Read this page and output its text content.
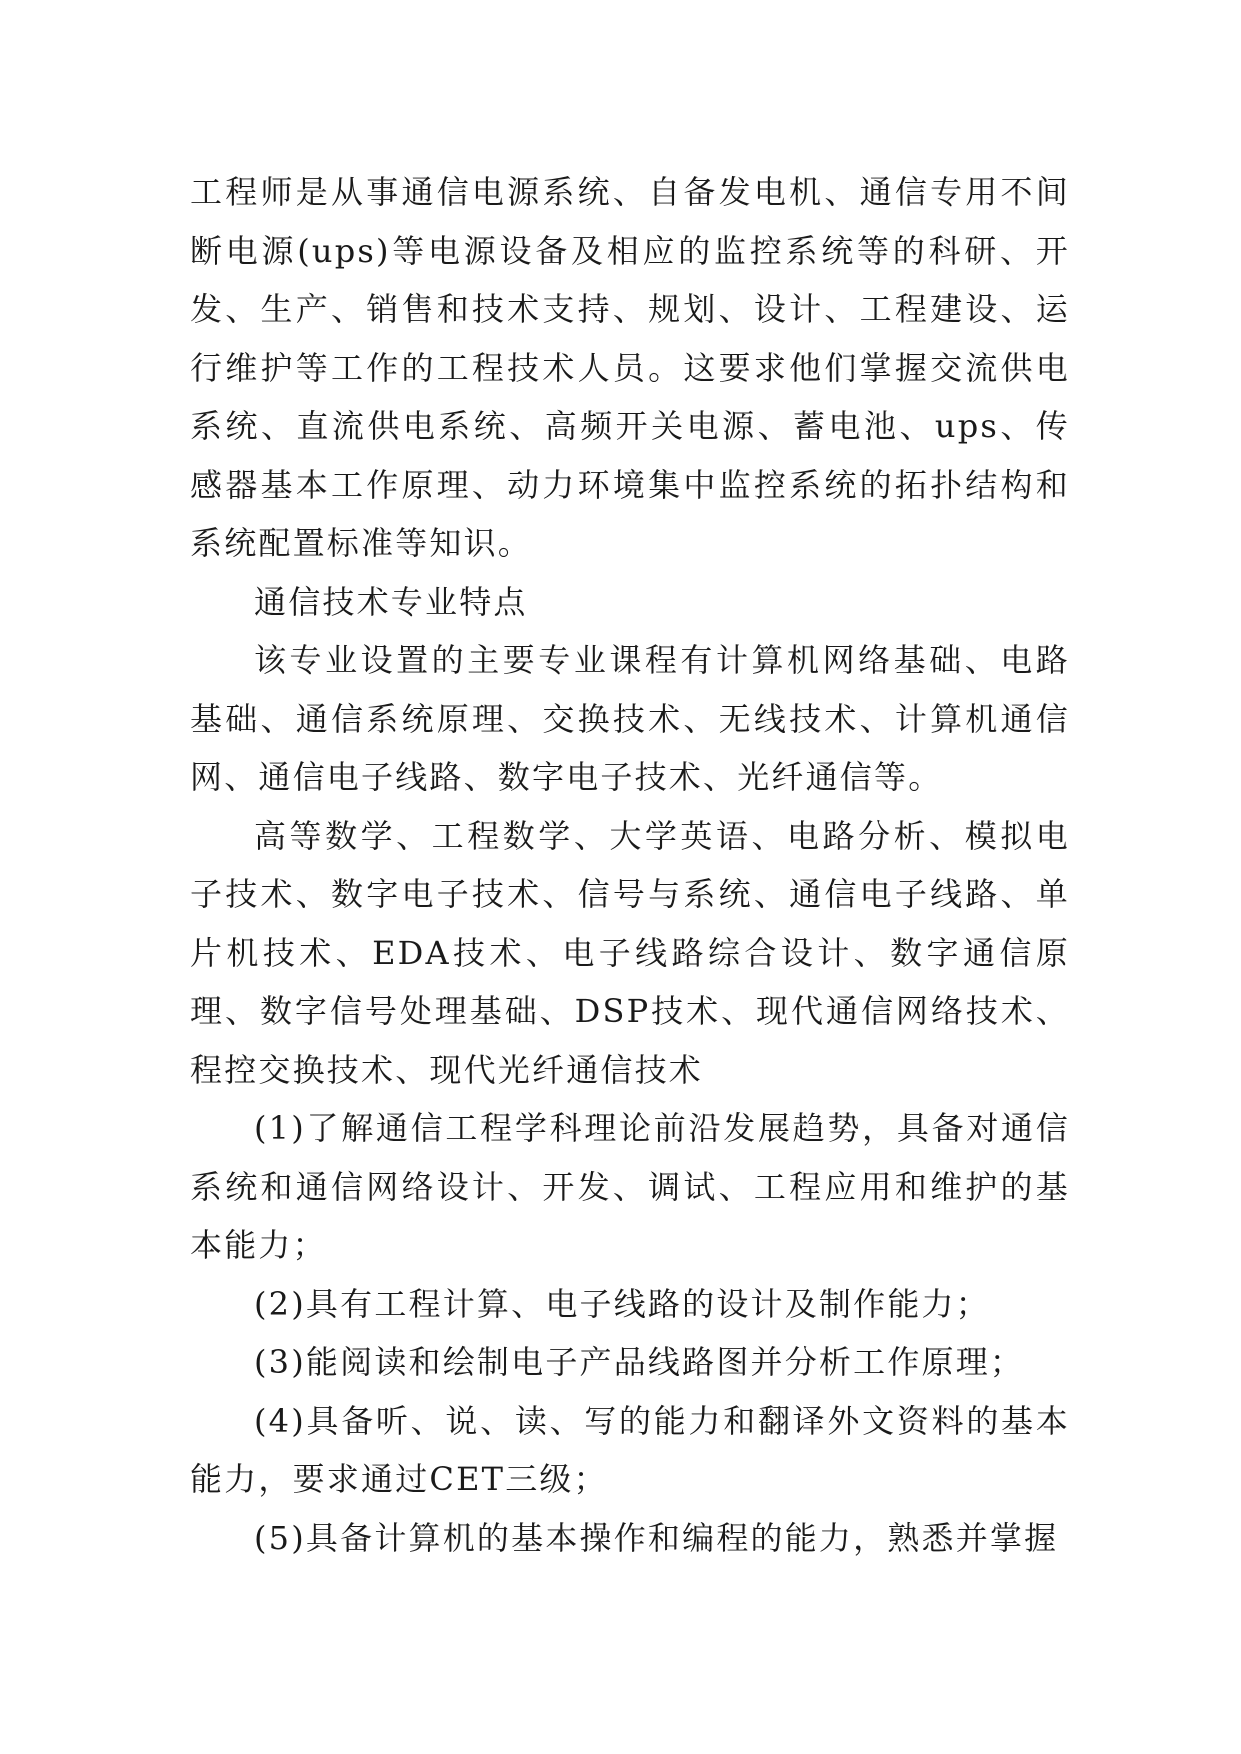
工程师是从事通信电源系统、自备发电机、通信专用不间断电源(ups)等电源设备及相应的监控系统等的科研、开发、生产、销售和技术支持、规划、设计、工程建设、运行维护等工作的工程技术人员。这要求他们掌握交流供电系统、直流供电系统、高频开关电源、蓄电池、ups、传感器基本工作原理、动力环境集中监控系统的拓扑结构和系统配置标准等知识。

通信技术专业特点

该专业设置的主要专业课程有计算机网络基础、电路基础、通信系统原理、交换技术、无线技术、计算机通信网、通信电子线路、数字电子技术、光纤通信等。

高等数学、工程数学、大学英语、电路分析、模拟电子技术、数字电子技术、信号与系统、通信电子线路、单片机技术、EDA技术、电子线路综合设计、数字通信原理、数字信号处理基础、DSP技术、现代通信网络技术、程控交换技术、现代光纤通信技术

(1)了解通信工程学科理论前沿发展趋势，具备对通信系统和通信网络设计、开发、调试、工程应用和维护的基本能力；

(2)具有工程计算、电子线路的设计及制作能力；

(3)能阅读和绘制电子产品线路图并分析工作原理；

(4)具备听、说、读、写的能力和翻译外文资料的基本能力，要求通过CET三级；

(5)具备计算机的基本操作和编程的能力，熟悉并掌握
